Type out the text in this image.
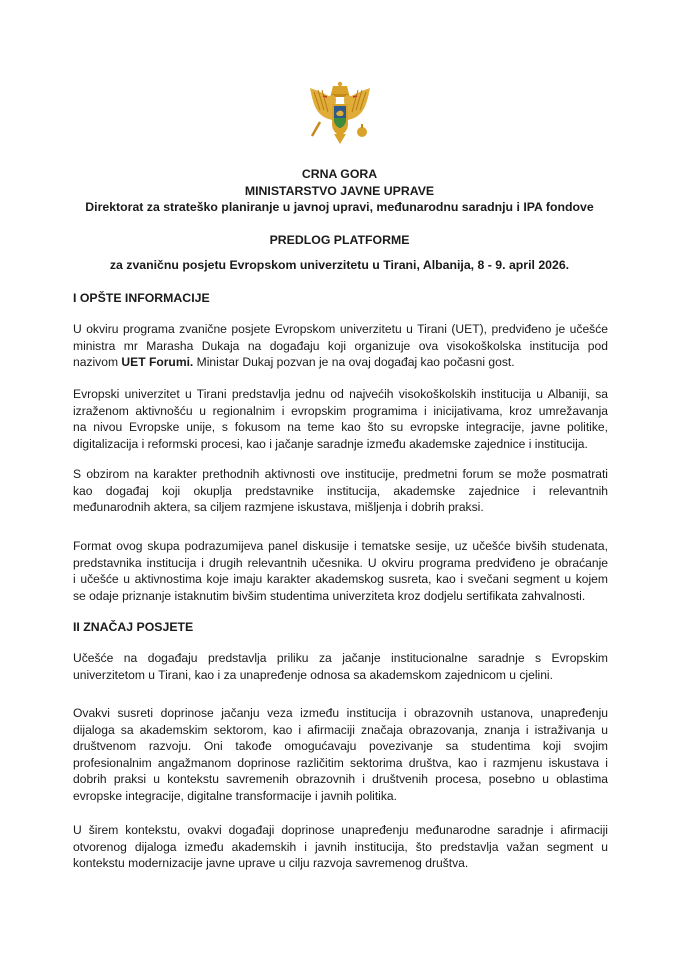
CRNA GORA
MINISTARSTVO JAVNE UPRAVE
Direktorat za strateško planiranje u javnoj upravi, međunarodnu saradnju i IPA fondove
PREDLOG PLATFORME
za zvaničnu posjetu Evropskom univerzitetu u Tirani, Albanija, 8 - 9. april 2026.
I OPŠTE INFORMACIJE
U okviru programa zvanične posjete Evropskom univerzitetu u Tirani (UET), predviđeno je učešće
ministra mr Marasha Dukaja na događaju koji organizuje ova visokoškolska institucija pod
nazivom UET Forumi. Ministar Dukaj pozvan je na ovaj događaj kao počasni gost.
Evropski univerzitet u Tirani predstavlja jednu od najvećih visokoškolskih institucija u Albaniji, sa
izraženom aktivnošću u regionalnim i evropskim programima i inicijativama, kroz umrežavanja
na nivou Evropske unije, s fokusom na teme kao što su evropske integracije, javne politike,
digitalizacija i reformski procesi, kao i jačanje saradnje između akademske zajednice i institucija.
S obzirom na karakter prethodnih aktivnosti ove institucije, predmetni forum se može posmatrati
kao događaj koji okuplja predstavnike institucija, akademske zajednice i relevantnih
međunarodnih aktera, sa ciljem razmjene iskustava, mišljenja i dobrih praksi.
Format ovog skupa podrazumijeva panel diskusije i tematske sesije, uz učešće bivših studenata,
predstavnika institucija i drugih relevantnih učesnika. U okviru programa predviđeno je obraćanje
i učešće u aktivnostima koje imaju karakter akademskog susreta, kao i svečani segment u kojem
se odaje priznanje istaknutim bivšim studentima univerziteta kroz dodjelu sertifikata zahvalnosti.
II ZNAČAJ POSJETE
Učešće na događaju predstavlja priliku za jačanje institucionalne saradnje s Evropskim
univerzitetom u Tirani, kao i za unapređenje odnosa sa akademskom zajednicom u cjelini.
Ovakvi susreti doprinose jačanju veza između institucija i obrazovnih ustanova, unapređenju
dijaloga sa akademskim sektorom, kao i afirmaciji značaja obrazovanja, znanja i istraživanja u
društvenom razvoju. Oni takođe omogućavaju povezivanje sa studentima koji svojim
profesionalnim angažmanom doprinose različitim sektorima društva, kao i razmjenu iskustava i
dobrih praksi u kontekstu savremenih obrazovnih i društvenih procesa, posebno u oblastima
evropske integracije, digitalne transformacije i javnih politika.
U širem kontekstu, ovakvi događaji doprinose unapređenju međunarodne saradnje i afirmaciji
otvorenog dijaloga između akademskih i javnih institucija, što predstavlja važan segment u
kontekstu modernizacije javne uprave u cilju razvoja savremenog društva.
